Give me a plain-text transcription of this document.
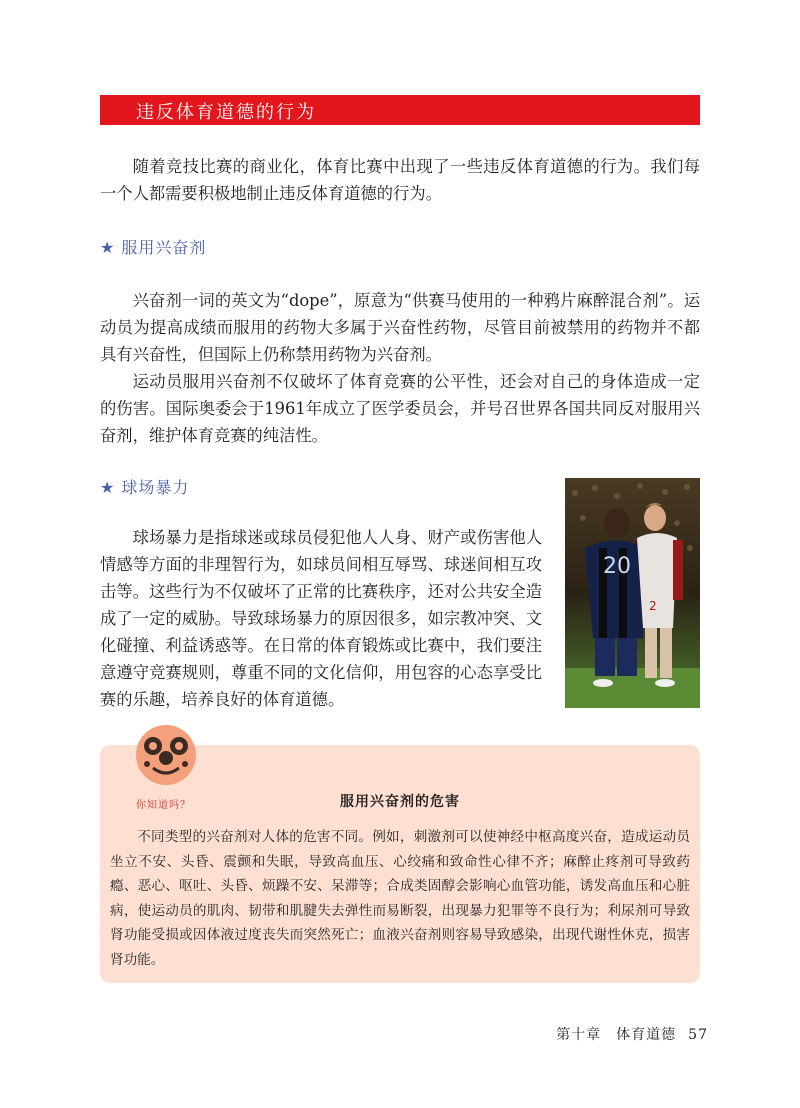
违反体育道德的行为

随着竞技比赛的商业化，体育比赛中出现了一些违反体育道德的行为。我们每一个人都需要积极地制止违反体育道德的行为。

★ 服用兴奋剂

兴奋剂一词的英文为“dope”，原意为“供赛马使用的一种鸦片麻醉混合剂”。运动员为提高成绩而服用的药物大多属于兴奋性药物，尽管目前被禁用的药物并不都具有兴奋性，但国际上仍称禁用药物为兴奋剂。

运动员服用兴奋剂不仅破坏了体育竞赛的公平性，还会对自己的身体造成一定的伤害。国际奥委会于1961年成立了医学委员会，并号召世界各国共同反对服用兴奋剂，维护体育竞赛的纯洁性。

★ 球场暴力

球场暴力是指球迷或球员侵犯他人人身、财产或伤害他人情感等方面的非理智行为，如球员间相互辱骂、球迷间相互攻击等。这些行为不仅破坏了正常的比赛秩序，还对公共安全造成了一定的威胁。导致球场暴力的原因很多，如宗教冲突、文化碰撞、利益诱惑等。在日常的体育锻炼或比赛中，我们要注意遵守竞赛规则，尊重不同的文化信仰，用包容的心态享受比赛的乐趣，培养良好的体育道德。

20
2
你知道吗？	服用兴奋剂的危害

不同类型的兴奋剂对人体的危害不同。例如，刺激剂可以使神经中枢高度兴奋，造成运动员坐立不安、头昏、震颤和失眠，导致高血压、心绞痛和致命性心律不齐；麻醉止疼剂可导致药瘾、恶心、呕吐、头昏、烦躁不安、呆滞等；合成类固醇会影响心血管功能，诱发高血压和心脏病，使运动员的肌肉、韧带和肌腱失去弹性而易断裂，出现暴力犯罪等不良行为；利尿剂可导致肾功能受损或因体液过度丧失而突然死亡；血液兴奋剂则容易导致感染，出现代谢性休克，损害肾功能。

第十章　体育道德 57
